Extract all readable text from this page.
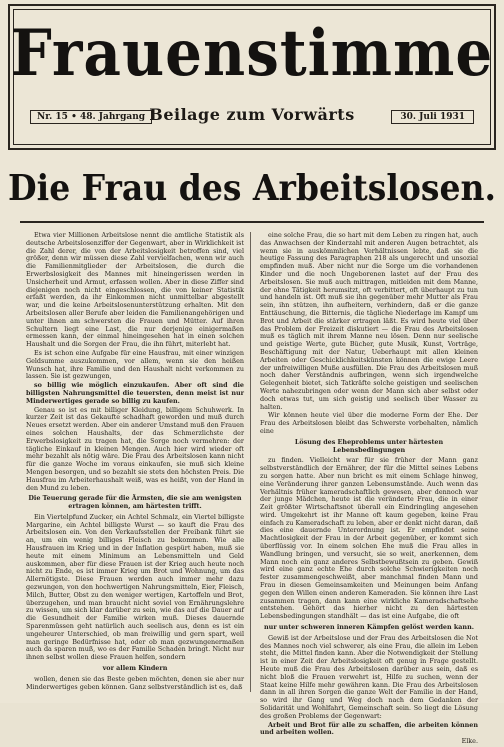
Frauenstimme
Nr. 15 • 48. Jahrgang Beilage zum Vorwärts	30. Juli 1931
Die Frau des Arbeitslosen.

Etwa vier Millionen Arbeitslose nennt die amtliche Statistik als deutsche Arbeitslosenziffer der Gegenwart, aber in Wirklichkeit ist die Zahl derer, die von der Arbeitslosigkeit betroffen sind, viel größer, denn wir müssen diese Zahl vervielfachen, wenn wir auch die Familienmitglieder der Arbeitslosen, die durch die Erwerbslosigkeit des Mannes mit hineingerissen werden in Unsicherheit und Armut, erfassen wollen. Aber in diese Ziffer sind diejenigen noch nicht eingeschlossen, die von keiner Statistik erfaßt werden, da ihr Einkommen nicht unmittelbar abgestellt war, und die keine Arbeitslosenunterstützung erhalten. Mit den Arbeitslosen aller Berufe aber leiden die Familienangehörigen und unter ihnen am schwersten die Frauen und Mütter. Auf ihren Schultern liegt eine Last, die nur derjenige einigermaßen ermessen kann, der einmal hineingesehen hat in einen solchen Haushalt und die Sorgen der Frau, die ihn führt, miterlebt hat.

Es ist schon eine Aufgabe für eine Hausfrau, mit einer winzigen Geldsumme auszukommen, vor allem, wenn sie den heißen Wunsch hat, ihre Familie und den Haushalt nicht verkommen zu lassen. Sie ist gezwungen,

so billig wie möglich einzukaufen. Aber oft sind die billigsten Nahrungsmittel die teuersten, denn meist ist nur Minderwertiges gerade so billig zu kaufen.

Genau so ist es mit billiger Kleidung, billigem Schuhwerk. In kurzer Zeit ist das Gekaufte schadhaft geworden und muß durch Neues ersetzt werden. Aber ein anderer Umstand muß den Frauen eines solchen Haushalts, der das Schmerzlichste der Erwerbslosigkeit zu tragen hat, die Sorge noch vermehren: der tägliche Einkauf in kleinen Mengen. Auch hier wird wieder oft mehr bezahlt als nötig wäre. Die Frau des Arbeitslosen kann nicht für die ganze Woche im voraus einkaufen, sie muß sich kleine Mengen besorgen, und so bezahlt sie stets den höchsten Preis. Die Hausfrau im Arbeiterhaushalt weiß, was es heißt, von der Hand in den Mund zu leben.

Die Teuerung gerade für die Ärmsten, die sie am wenigsten ertragen können, am härtesten trifft.

Ein Viertelpfund Zucker, ein Achtel Schmalz, ein Viertel billigste Margarine, ein Achtel billigste Wurst — so kauft die Frau des Arbeitslosen ein. Von den Verkaufsstellen der Freibank führt sie an, um ein wenig billiges Fleisch zu bekommen. Wie alle Hausfrauen im Krieg und in der Inflation gespürt haben, muß sie heute mit einem Minimum an Lebensmitteln und Geld auskommen, aber für diese Frauen ist der Krieg auch heute noch nicht zu Ende, es ist immer Krieg um Brot und Wohnung, um das Allernötigste. Diese Frauen werden auch immer mehr dazu gezwungen, von den hochwertigen Nahrungsmitteln, Eier, Fleisch, Milch, Butter, Obst zu den weniger wertigen, Kartoffeln und Brot, überzugehen, und man braucht nicht soviel von Ernährungslehre zu wissen, um sich klar darüber zu sein, wie das auf die Dauer auf die Gesundheit der Familie wirken muß. Dieses dauernde Sparenmüssen geht natürlich auch seelisch aus, denn es ist ein ungeheurer Unterschied, ob man freiwillig und gern spart, weil man geringe Bedürfnisse hat, oder ob man gezwungenermaßen auch da sparen muß, wo es der Familie Schaden bringt. Nicht nur ihnen selbst wollen diese Frauen helfen, sondern

vor allem Kindern

wollen, denen sie das Beste geben möchten, denen sie aber nur Minderwertiges geben können. Ganz selbstverständlich ist es, daß

eine solche Frau, die so hart mit dem Leben zu ringen hat, auch das Anwachsen der Kinderzahl mit anderen Augen betrachtet, als wenn sie in auskömmlichen Verhältnissen lebte, daß sie die heutige Fassung des Paragraphen 218 als ungerecht und unsozial empfinden muß. Aber nicht nur die Sorge um die vorhandenen Kinder und die noch Ungeborenen lastet auf der Frau des Arbeitslosen. Sie muß auch mittragen, mitleiden mit dem Manne, der ohne Tätigkeit herumsitzt, oft verbittert, oft überhaupt zu tun und handeln ist. Oft muß sie ihn gegenüber mehr Mutter als Frau sein, ihn stützen, ihn aufheitern, verhindern, daß er die ganze Enttäuschung, die Bitternis, die tägliche Niederlage im Kampf um Brot und Arbeit die stärker ertragen läßt. Es wird heute viel über das Problem der Freizeit diskutiert — die Frau des Arbeitslosen muß es täglich mit ihrem Manne neu lösen. Denn nur seelische und geistige Werte, gute Bücher, gute Musik, Kunst, Vorträge, Beschäftigung mit der Natur, Ueberhaupt mit allen kleinen Arbeiten oder Geschicklichkeitskünsten können die ewige Leere der unfreiwilligen Muße ausfüllen. Die Frau des Arbeitslosen muß noch daher Verständnis aufbringen, wenn sich irgendwelche Gelegenheit bietet, sich Tatkräfte solche geistigen und seelischen Werte nahezubringen oder wenn der Mann sich aber selbst oder doch etwas tut, um sich geistig und seelisch über Wasser zu halten.

Wir können heute viel über die moderne Form der Ehe. Der Frau des Arbeitslosen bleibt das Schwerste vorbehalten, nämlich eine

Lösung des Eheproblems unter härtesten Lebensbedingungen

zu finden. Vielleicht war für sie früher der Mann ganz selbstverständlich der Ernährer, der für die Mittel seines Lebens zu sorgen hatte. Aber nun bricht es mit einem Schlage hinweg, eine Veränderung ihrer ganzen Lebensumstände. Auch wenn das Verhältnis früher kameradschaftlich gewesen, aber dennoch war der junge Mädchen, heute ist die veränderte Frau, die in einer Zeit größter Wirtschaftsnot überall ein Eindringling angesehen wird. Umgekehrt ist ihr Manne oft kaum gegeben, keine Frau einfach zu Kameradschaft zu leben, aber er denkt nicht daran, daß dies eine dauernde Unterordnung ist. Er empfindet seine Machtlosigkeit der Frau in der Arbeit gegenüber, er kommt sich überflüssig vor. In einem solchen Ehe muß die Frau alles in Wandlung bringen, und versucht, sie so weit, anerkennen, dem Mann noch ein ganz anderes Selbstbewußtsein zu geben. Gewiß wird eine ganz echte Ehe durch solche Schwierigkeiten noch fester zusammengeschweißt, aber manchmal finden Mann und Frau in diesen Gemeinsamkeiten und Meinungen beim Anfang gegen den Willen einen anderen Kameraden. Sie können ihre Last zusammen tragen, dann kann eine wirkliche Kameradschaftsehe entstehen. Gehört das hierher nicht zu den härtesten Lebensbedingungen standhält — das ist eine Aufgabe, die oft

nur unter schweren inneren Kämpfen gelöst werden kann.

Gewiß ist der Arbeitslose und der Frau des Arbeitslosen die Not des Mannes noch viel schwerer, als eine Frau, die allein im Leben steht, die Mittel finden kann. Aber die Notwendigkeit der Stellung ist in einer Zeit der Arbeitslosigkeit oft genug in Frage gestellt. Heute muß die Frau des Arbeitslosen darüber aus sein, daß es nicht bloß die Frauen verwehrt ist, Hilfe zu suchen, wenn der Staat keine Hilfe mehr gewähren kann. Die Frau des Arbeitslosen dann in all ihren Sorgen die ganze Welt der Familie in der Hand, so wird ihr Gang und Weg doch nach dem Gedanken der Solidarität und Wohlfahrt, Gemeinschaft sein. So liegt die Lösung des großen Problems der Gegenwart:

Arbeit und Brot für alle zu schaffen, die arbeiten können und arbeiten wollen.

Elke.
